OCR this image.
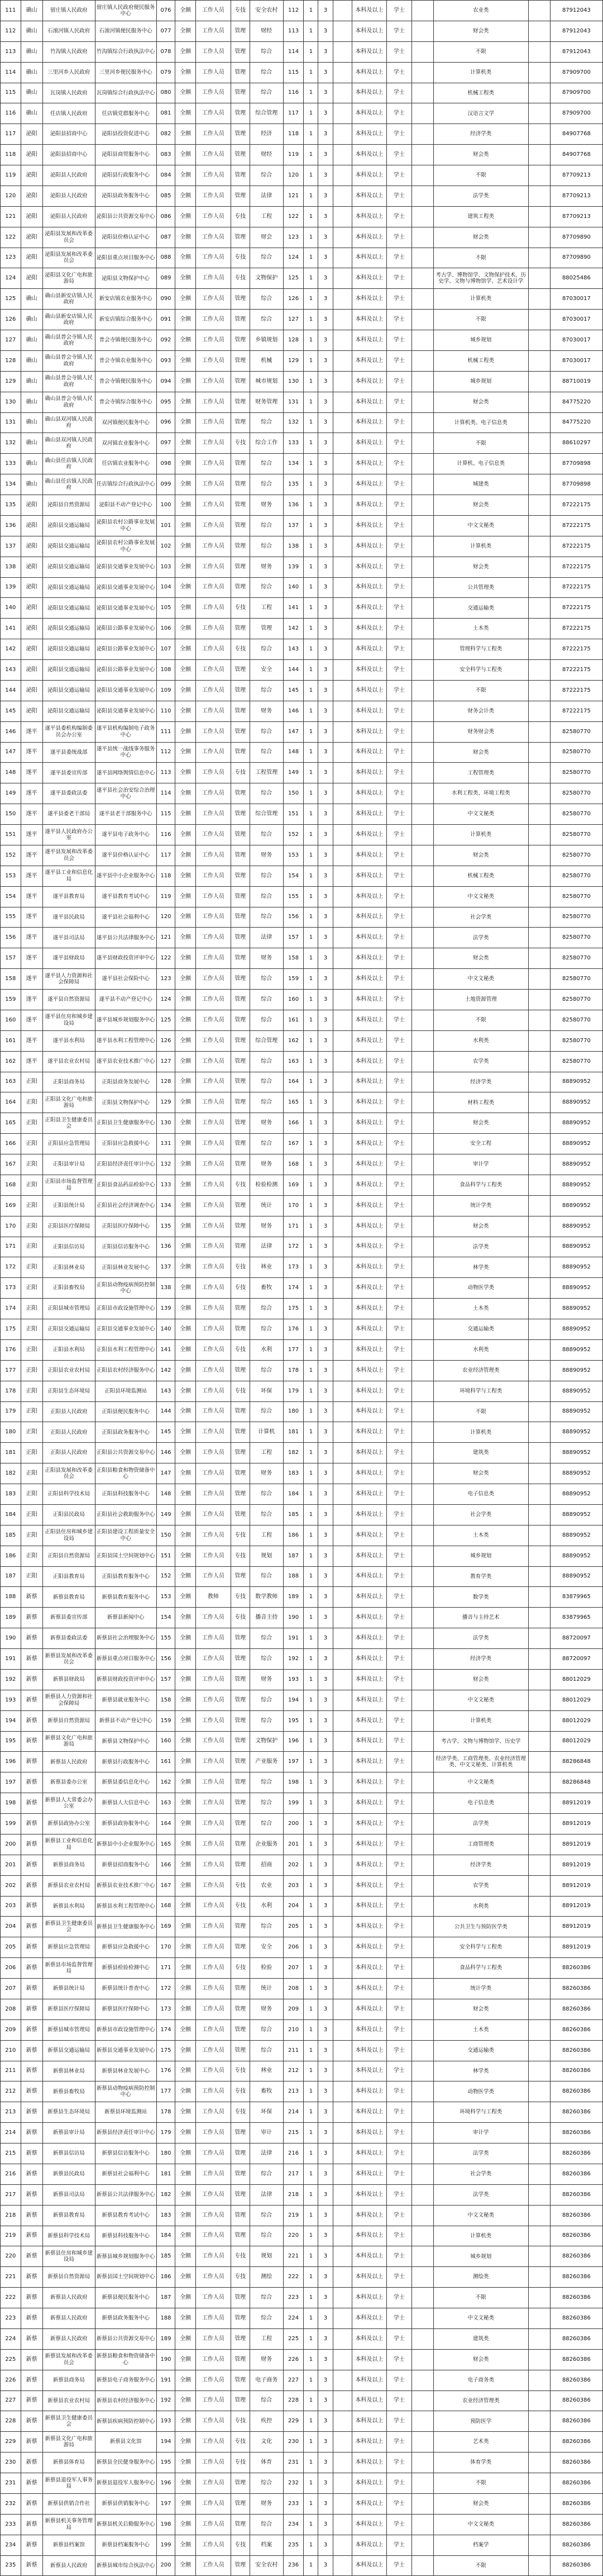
111	确山	留庄镇人民政府	留庄镇人民政府便民服务中心	076	全额	工作人员	专技	安全农村	112	1	3		本科及以上	学士		农业类		87912043
112	确山	石滚河镇人民政府	石滚河镇便民服务中心	077	全额	工作人员	管理	财经	113	1	3		本科及以上	学士		财会类		87912043
113	确山	竹沟镇人民政府	竹沟镇综合行政执法中心	078	全额	工作人员	管理	综合	114	1	3		本科及以上	学士		不限		87912043
114	确山	三里河乡人民政府	三里河乡便民服务中心	079	全额	工作人员	管理	综合	115	1	3		本科及以上	学士		计算机类		87909700
115	确山	瓦岗镇人民政府	瓦岗镇综合行政执法中心	080	全额	工作人员	管理	综合	116	1	3		本科及以上	学士		机械工程类		87909700
116	确山	任店镇人民政府	任店镇党群服务中心	081	全额	工作人员	管理	综合管理	117	1	3		本科及以上	学士		汉语言文学		87909700
117	泌阳	泌阳县招商中心	泌阳县投资促进中心	082	全额	工作人员	管理	经济	118	1	3		本科及以上	学士		经济学类		84907768
118	泌阳	泌阳县招商中心	泌阳县商贸服务中心	083	全额	工作人员	管理	财经	119	1	3		本科及以上	学士		财会类		84907768
119	泌阳	泌阳县人民政府	泌阳县行政服务中心	084	全额	工作人员	管理	综合	120	1	3		本科及以上	学士		不限		87709213
120	泌阳	泌阳县人民政府	泌阳县政务服务中心	085	全额	工作人员	管理	法律	121	1	3		本科及以上	学士		法学类		87709213
121	泌阳	泌阳县人民政府	泌阳县公共资源交易中心	086	全额	工作人员	专技	工程	122	1	3		本科及以上	学士		建筑工程类		87709213
122	泌阳	泌阳县发展和改革委员会	泌阳县价格认证中心	087	全额	工作人员	管理	财会	123	1	3		本科及以上	学士		财会类		87709890
123	泌阳	泌阳县发展和改革委员会	泌阳县重点项目服务中心	088	全额	工作人员	专技	综合	124	1	3		本科及以上	学士		不限		87709890
124	泌阳	泌阳县文化广电和旅游局	泌阳县文物保护中心	089	全额	工作人员	专技	文物保护	125	1	3		本科及以上	学士		考古学、博物馆学、文物保护技术、历史学、文物与博物馆学、艺术设计学		88025486
125	确山	确山县新安店镇人民政府	新安店镇农业服务中心	090	全额	工作人员	管理	综合	126	1	3		本科及以上	学士		计算机类		87030017
126	确山	确山县新安店镇人民政府	新安店镇综合服务中心	091	全额	工作人员	管理	综合	127	1	3		本科及以上	学士		不限		87030017
127	确山	确山县普会寺镇人民政府	普会寺镇便民服务中心	092	全额	工作人员	管理	乡镇规划	128	1	3		本科及以上	学士		城乡规划		87030017
128	确山	确山县普会寺镇人民政府	普会寺镇农业服务中心	093	全额	工作人员	管理	机械	129	1	3		本科及以上	学士		机械工程类		87030017
129	确山	确山县普会寺镇人民政府	普会寺镇便民服务中心	094	全额	工作人员	管理	城市规划	130	1	3		本科及以上	学士		城乡规划		88710019
130	确山	确山县普会寺镇人民政府	普会寺镇综合服务中心	095	全额	工作人员	管理	财务管理	131	1	3		本科及以上	学士		财会类		84775220
131	确山	确山县双河镇人民政府	双河镇便民服务中心	096	全额	工作人员	管理	综合	132	1	3		本科及以上	学士		计算机类、电子信息类		84775220
132	确山	确山县双河镇人民政府	双河镇农业服务中心	097	全额	工作人员	专技	综合工作	133	1	3		本科及以上	学士		不限		88610297
133	确山	确山县任店镇人民政府	任店镇农业服务中心	098	全额	工作人员	管理	综合	134	1	3		本科及以上	学士		计算机、电子信息类		87709898
134	确山	确山县任店镇人民政府	任店镇综合行政执法中心	099	全额	工作人员	管理	综合	135	1	3		本科及以上	学士		城建类		87709898
135	泌阳	泌阳县自然资源局	泌阳县不动产登记中心	100	全额	工作人员	管理	财务	136	1	3		本科及以上	学士		财会类		87222175
136	泌阳	泌阳县交通运输局	泌阳县农村公路事业发展中心	101	全额	工作人员	管理	综合	137	1	3		本科及以上	学士		中文文秘类		87222175
137	泌阳	泌阳县交通运输局	泌阳县农村公路事业发展中心	102	全额	工作人员	管理	综合	138	1	3		本科及以上	学士		计算机类		87222175
138	泌阳	泌阳县交通运输局	泌阳县交通事业发展中心	103	全额	工作人员	管理	财务	139	1	3		本科及以上	学士		财会类		87222175
139	泌阳	泌阳县交通运输局	泌阳县交通事业发展中心	104	全额	工作人员	管理	综合	140	1	3		本科及以上	学士		公共管理类		87222175
140	泌阳	泌阳县交通运输局	泌阳县交通事业发展中心	105	全额	工作人员	专技	工程	141	1	3		本科及以上	学士		交通运输类		87222175
141	泌阳	泌阳县交通运输局	泌阳县公路事业发展中心	106	全额	工作人员	管理	管理	142	1	3		本科及以上	学士		土木类		87222175
142	泌阳	泌阳县交通运输局	泌阳县公路事业发展中心	107	全额	工作人员	专技	综合	143	1	3		本科及以上	学士		管理科学与工程类		87222175
143	泌阳	泌阳县交通运输局	泌阳县公路事业发展中心	108	全额	工作人员	管理	安全	144	1	3		本科及以上	学士		安全科学与工程类		87222175
144	泌阳	泌阳县交通运输局	泌阳县交通事业发展中心	109	全额	工作人员	管理	综合	145	1	3		本科及以上	学士		不限		87222175
145	泌阳	泌阳县交通运输局	泌阳县交通事业发展中心	110	全额	工作人员	管理	财务	146	1	3		本科及以上	学士		财务会计类		87222175
146	遂平	遂平县委机构编制委员会办公室	遂平县机构编制电子政务中心	111	全额	工作人员	管理	综合	147	1	3		本科及以上	学士		财务财会类		82580770
147	遂平	遂平县委统战部	遂平县统一战线事务服务中心	112	全额	工作人员	管理	综合	148	1	3		本科及以上	学士		财会类		82580770
148	遂平	遂平县委宣传部	遂平县网络舆情信息中心	113	全额	工作人员	专技	工程管理	149	1	3		本科及以上	学士		工程管理类		82580770
149	遂平	遂平县委政法委	遂平县社会治安综合治理中心	114	全额	工作人员	管理	综合	150	1	3		本科及以上	学士		水利工程类、环境工程类		82580770
150	遂平	遂平县委老干部局	遂平县老干部服务中心	115	全额	工作人员	管理	综合管理	151	1	3		本科及以上	学士		中文文秘类		82580770
151	遂平	遂平县人民政府办公室	遂平县电子政务中心	116	全额	工作人员	管理	综合	152	1	3		本科及以上	学士		计算机类		82580770
152	遂平	遂平县发展和改革委员会	遂平县价格认证中心	117	全额	工作人员	管理	财务	153	1	3		本科及以上	学士		财会类		82580770
153	遂平	遂平县工业和信息化局	遂平县中小企业服务中心	118	全额	工作人员	管理	综合	154	1	3		本科及以上	学士		机械工程类		82580770
154	遂平	遂平县教育局	遂平县教育考试中心	119	全额	工作人员	管理	综合	155	1	3		本科及以上	学士		中文文秘类		82580770
155	遂平	遂平县民政局	遂平县社会福利中心	120	全额	工作人员	管理	综合	156	1	3		本科及以上	学士		社会学类		82580770
156	遂平	遂平县司法局	遂平县公共法律服务中心	121	全额	工作人员	管理	法律	157	1	3		本科及以上	学士		法学类		82580770
157	遂平	遂平县财政局	遂平县财政投资评审中心	122	全额	工作人员	管理	财务	158	1	3		本科及以上	学士		财会类		82580770
158	遂平	遂平县人力资源和社会保障局	遂平县社会保险中心	123	全额	工作人员	管理	综合	159	1	3		本科及以上	学士		中文文秘类		82580770
159	遂平	遂平县自然资源局	遂平县不动产登记中心	124	全额	工作人员	管理	综合	160	1	3		本科及以上	学士		土地资源管理		82580770
160	遂平	遂平县住房和城乡建设局	遂平县城乡规划服务中心	125	全额	工作人员	管理	综合	161	1	3		本科及以上	学士		不限		82580770
161	遂平	遂平县水利局	遂平县水利工程管理中心	126	全额	工作人员	管理	综合管理	162	1	3		本科及以上	学士		水利类		82580770
162	遂平	遂平县农业农村局	遂平县农业技术推广中心	127	全额	工作人员	管理	综合	163	1	3		本科及以上	学士		农学类		82580770
163	正阳	正阳县商务局	正阳县商务发展中心	128	全额	工作人员	管理	综合	164	1	3		本科及以上	学士		经济学类		88890952
164	正阳	正阳县文化广电和旅游局	正阳县文物保护中心	129	全额	工作人员	管理	综合	165	1	3		本科及以上	学士		材料工程类		88890952
165	正阳	正阳县卫生健康委员会	正阳县卫生健康服务中心	130	全额	工作人员	管理	财务	166	1	3		本科及以上	学士		财会类		88890952
166	正阳	正阳县应急管理局	正阳县应急救援中心	131	全额	工作人员	管理	综合	167	1	3		本科及以上	学士		安全工程		88890952
167	正阳	正阳县审计局	正阳县经济责任审计中心	132	全额	工作人员	管理	财务	168	1	3		本科及以上	学士		审计学		88890952
168	正阳	正阳县市场监督管理局	正阳县食品药品检验中心	133	全额	工作人员	专技	检验检测	169	1	3		本科及以上	学士		食品科学与工程类		88890952
169	正阳	正阳县统计局	正阳县社会经济调查中心	134	全额	工作人员	管理	统计	170	1	3		本科及以上	学士		统计学类		88890952
170	正阳	正阳县医疗保障局	正阳县医疗保障中心	135	全额	工作人员	管理	财务	171	1	3		本科及以上	学士		财会类		88890952
171	正阳	正阳县信访局	正阳县信访服务中心	136	全额	工作人员	管理	法律	172	1	3		本科及以上	学士		法学类		88890952
172	正阳	正阳县林业局	正阳县林业发展中心	137	全额	工作人员	专技	林业	173	1	3		本科及以上	学士		林学类		88890952
173	正阳	正阳县畜牧局	正阳县动物疫病预防控制中心	138	全额	工作人员	专技	畜牧	174	1	3		本科及以上	学士		动物医学类		88890952
174	正阳	正阳县城市管理局	正阳县市政设施管理中心	139	全额	工作人员	管理	综合	175	1	3		本科及以上	学士		土木类		88890952
175	正阳	正阳县交通运输局	正阳县交通事业发展中心	140	全额	工作人员	管理	综合	176	1	3		本科及以上	学士		交通运输类		88890952
176	正阳	正阳县水利局	正阳县水利工程管理中心	141	全额	工作人员	专技	水利	177	1	3		本科及以上	学士		水利类		88890952
177	正阳	正阳县农业农村局	正阳县农村经济服务中心	142	全额	工作人员	管理	综合	178	1	3		本科及以上	学士		农业经济管理类		88890952
178	正阳	正阳县生态环境局	正阳县环境监测站	143	全额	工作人员	专技	环保	179	1	3		本科及以上	学士		环境科学与工程类		88890952
179	正阳	正阳县人民政府	正阳县便民服务中心	144	全额	工作人员	管理	综合	180	1	3		本科及以上	学士		不限		88890952
180	正阳	正阳县人民政府	正阳县政务服务中心	145	全额	工作人员	管理	计算机	181	1	3		本科及以上	学士		计算机类		88890952
181	正阳	正阳县人民政府	正阳县公共资源交易中心	146	全额	工作人员	管理	工程	182	1	3		本科及以上	学士		建筑类		88890952
182	正阳	正阳县发展和改革委员会	正阳县粮食和物资储备中心	147	全额	工作人员	管理	财务	183	1	3		本科及以上	学士		财会类		88890952
183	正阳	正阳县科学技术局	正阳县科技服务中心	148	全额	工作人员	管理	综合	184	1	3		本科及以上	学士		电子信息类		88890952
184	正阳	正阳县民政局	正阳县社会救助服务中心	149	全额	工作人员	管理	综合	185	1	3		本科及以上	学士		社会学类		88890952
185	正阳	正阳县住房和城乡建设局	正阳县建设工程质量安全中心	150	全额	工作人员	专技	工程	186	1	3		本科及以上	学士		土木类		88890952
186	正阳	正阳县自然资源局	正阳县国土空间规划中心	151	全额	工作人员	专技	规划	187	1	3		本科及以上	学士		城乡规划		88890952
187	正阳	正阳县教育局	正阳县教育服务中心	152	全额	工作人员	管理	综合	188	1	3		本科及以上	学士		教育学类		88890952
188	新蔡	新蔡县教育局	新蔡县教育服务中心	153	全额	教师	专技	数学教师	189	1	3		本科及以上	学士		数学类		83879965
189	新蔡	新蔡县委宣传部	新蔡县新闻中心	154	全额	工作人员	专技	播音主持	190	1	3		本科及以上	学士		播音与主持艺术		83879965
190	新蔡	新蔡县委政法委	新蔡县社会治理服务中心	155	全额	工作人员	管理	综合	191	1	3		本科及以上	学士		法学类		88720097
191	新蔡	新蔡县发展和改革委员会	新蔡县重点项目服务中心	156	全额	工作人员	管理	综合	192	1	3		本科及以上	学士		经济学类		88720097
192	新蔡	新蔡县财政局	新蔡县财政投资评审中心	157	全额	工作人员	管理	财务	193	1	3		本科及以上	学士		财会类		88012029
193	新蔡	新蔡县人力资源和社会保障局	新蔡县就业服务中心	158	全额	工作人员	管理	综合	194	1	3		本科及以上	学士		中文文秘类		88012029
194	新蔡	新蔡县自然资源局	新蔡县不动产登记中心	159	全额	工作人员	管理	综合	195	1	3		本科及以上	学士		计算机类		88012029
195	新蔡	新蔡县文化广电和旅游局	新蔡县文物保护中心	160	全额	工作人员	管理	文物保护	196	1	3		本科及以上	学士		考古学、文物与博物馆学、历史学		88012029
196	新蔡	新蔡县人民政府	新蔡县行政服务中心	161	全额	工作人员	管理	产业服务	197	1	3		本科及以上	学士		经济学类、工商管理类、农业经济管理类、中文文秘类、计算机类		88286848
197	新蔡	新蔡县委办公室	新蔡县委信息化中心	162	全额	工作人员	管理	综合	198	1	3		本科及以上	学士		中文文秘类		88286848
198	新蔡	新蔡县人大常委会办公室	新蔡县人大信息中心	163	全额	工作人员	管理	综合	199	1	3		本科及以上	学士		电子信息类		88912019
199	新蔡	新蔡县政协办公室	新蔡县政协服务中心	164	全额	工作人员	管理	综合	200	1	3		本科及以上	学士		法学类		88912019
200	新蔡	新蔡县工业和信息化局	新蔡县中小企业服务中心	165	全额	工作人员	管理	企业服务	201	1	3		本科及以上	学士		工商管理类		88912019
201	新蔡	新蔡县商务局	新蔡县招商服务中心	166	全额	工作人员	管理	招商	202	1	3		本科及以上	学士		经济学类		88912019
202	新蔡	新蔡县农业农村局	新蔡县农业技术推广中心	167	全额	工作人员	专技	农业	203	1	3		本科及以上	学士		农学类		88912019
203	新蔡	新蔡县水利局	新蔡县水利工程管理中心	168	全额	工作人员	专技	水利	204	1	3		本科及以上	学士		水利类		88912019
204	新蔡	新蔡县卫生健康委员会	新蔡县卫生健康服务中心	169	全额	工作人员	管理	综合	205	1	3		本科及以上	学士		公共卫生与预防医学类		88912019
205	新蔡	新蔡县应急管理局	新蔡县应急救援中心	170	全额	工作人员	管理	安全	206	1	3		本科及以上	学士		安全科学与工程类		88912019
206	新蔡	新蔡县市场监督管理局	新蔡县检验检测中心	171	全额	工作人员	专技	检验	207	1	3		本科及以上	学士		食品科学与工程类		88260386
207	新蔡	新蔡县统计局	新蔡县统计普查中心	172	全额	工作人员	管理	统计	208	1	3		本科及以上	学士		统计学类		88260386
208	新蔡	新蔡县医疗保障局	新蔡县医疗保障中心	173	全额	工作人员	管理	财务	209	1	3		本科及以上	学士		财会类		88260386
209	新蔡	新蔡县城市管理局	新蔡县市政设施管理中心	174	全额	工作人员	管理	综合	210	1	3		本科及以上	学士		土木类		88260386
210	新蔡	新蔡县交通运输局	新蔡县交通事业发展中心	175	全额	工作人员	管理	综合	211	1	3		本科及以上	学士		交通运输类		88260386
211	新蔡	新蔡县林业局	新蔡县林业发展中心	176	全额	工作人员	专技	林业	212	1	3		本科及以上	学士		林学类		88260386
212	新蔡	新蔡县畜牧局	新蔡县动物疫病预防控制中心	177	全额	工作人员	专技	畜牧	213	1	3		本科及以上	学士		动物医学类		88260386
213	新蔡	新蔡县生态环境局	新蔡县环境监测站	178	全额	工作人员	专技	环保	214	1	3		本科及以上	学士		环境科学与工程类		88260386
214	新蔡	新蔡县审计局	新蔡县经济责任审计中心	179	全额	工作人员	管理	审计	215	1	3		本科及以上	学士		审计学		88260386
215	新蔡	新蔡县信访局	新蔡县信访服务中心	180	全额	工作人员	管理	法律	216	1	3		本科及以上	学士		法学类		88260386
216	新蔡	新蔡县民政局	新蔡县社会福利中心	181	全额	工作人员	管理	综合	217	1	3		本科及以上	学士		社会学类		88260386
217	新蔡	新蔡县司法局	新蔡县公共法律服务中心	182	全额	工作人员	管理	法律	218	1	3		本科及以上	学士		法学类		88260386
218	新蔡	新蔡县教育局	新蔡县教育考试中心	183	全额	工作人员	管理	综合	219	1	3		本科及以上	学士		中文文秘类		88260386
219	新蔡	新蔡县科学技术局	新蔡县科技服务中心	184	全额	工作人员	管理	综合	220	1	3		本科及以上	学士		计算机类		88260386
220	新蔡	新蔡县住房和城乡建设局	新蔡县城乡规划服务中心	185	全额	工作人员	专技	规划	221	1	3		本科及以上	学士		城乡规划		88260386
221	新蔡	新蔡县自然资源局	新蔡县国土空间规划中心	186	全额	工作人员	专技	测绘	222	1	3		本科及以上	学士		测绘类		88260386
222	新蔡	新蔡县人民政府	新蔡县便民服务中心	187	全额	工作人员	管理	综合	223	1	3		本科及以上	学士		不限		88260386
223	新蔡	新蔡县人民政府	新蔡县政务服务中心	188	全额	工作人员	管理	综合	224	1	3		本科及以上	学士		中文文秘类		88260386
224	新蔡	新蔡县人民政府	新蔡县公共资源交易中心	189	全额	工作人员	管理	工程	225	1	3		本科及以上	学士		建筑类		88260386
225	新蔡	新蔡县发展和改革委员会	新蔡县粮食和物资储备中心	190	全额	工作人员	管理	财务	226	1	3		本科及以上	学士		财会类		88260386
226	新蔡	新蔡县商务局	新蔡县电子商务服务中心	191	全额	工作人员	管理	电子商务	227	1	3		本科及以上	学士		电子商务类		88260386
227	新蔡	新蔡县农业农村局	新蔡县农村经济服务中心	192	全额	工作人员	管理	综合	228	1	3		本科及以上	学士		农业经济管理类		88260386
228	新蔡	新蔡县卫生健康委员会	新蔡县疾病预防控制中心	193	全额	工作人员	专技	疾控	229	1	3		本科及以上	学士		预防医学		88260386
229	新蔡	新蔡县文化广电和旅游局	新蔡县文化馆	194	全额	工作人员	专技	文化	230	1	3		本科及以上	学士		艺术类		88260386
230	新蔡	新蔡县体育局	新蔡县全民健身服务中心	195	全额	工作人员	专技	体育	231	1	3		本科及以上	学士		体育学类		88260386
231	新蔡	新蔡县退役军人事务局	新蔡县退役军人服务中心	196	全额	工作人员	管理	综合	232	1	3		本科及以上	学士		不限		88260386
232	新蔡	新蔡县供销合作社	新蔡县供销服务中心	197	全额	工作人员	管理	财务	233	1	3		本科及以上	学士		财会类		88260386
233	新蔡	新蔡县机关事务管理局	新蔡县机关后勤服务中心	198	全额	工作人员	管理	综合	234	1	3		本科及以上	学士		中文文秘类		88260386
234	新蔡	新蔡县档案馆	新蔡县档案服务中心	199	全额	工作人员	专技	档案	235	1	3		本科及以上	学士		档案学		88260386
235	新蔡	新蔡县人民政府	新蔡县城市综合执法中心	200	全额	工作人员	管理	安全农村	236	1	3		本科及以上	学士		不限		88260386
